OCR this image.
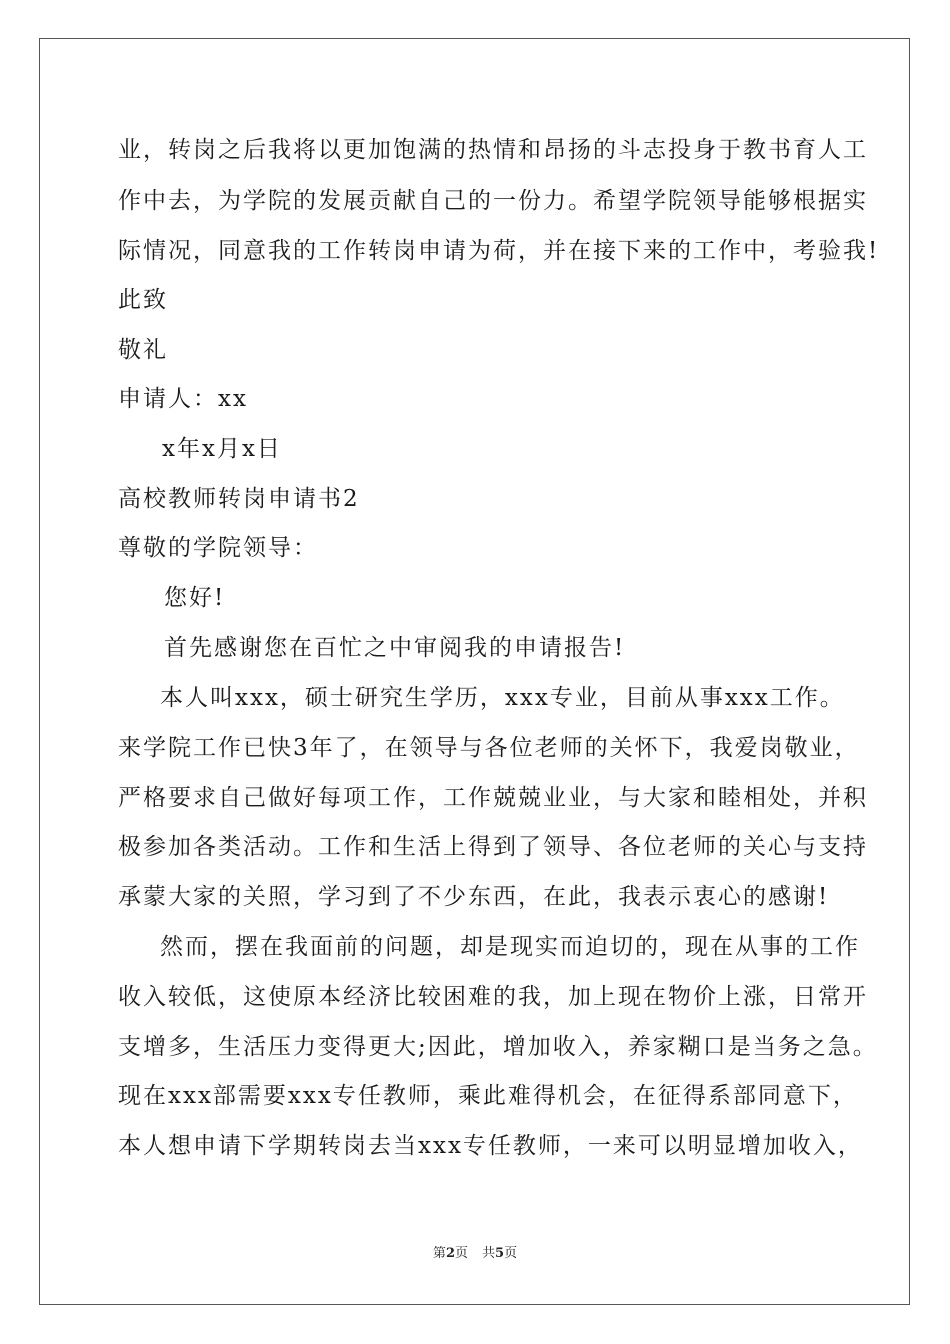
业，转岗之后我将以更加饱满的热情和昂扬的斗志投身于教书育人工
作中去，为学院的发展贡献自己的一份力。希望学院领导能够根据实
际情况，同意我的工作转岗申请为荷，并在接下来的工作中，考验我!
此致
敬礼
申请人：xx
x年x月x日
高校教师转岗申请书2
尊敬的学院领导：
您好!
首先感谢您在百忙之中审阅我的申请报告!
本人叫xxx，硕士研究生学历，xxx专业，目前从事xxx工作。
来学院工作已快3年了，在领导与各位老师的关怀下，我爱岗敬业，
严格要求自己做好每项工作，工作兢兢业业，与大家和睦相处，并积
极参加各类活动。工作和生活上得到了领导、各位老师的关心与支持
承蒙大家的关照，学习到了不少东西，在此，我表示衷心的感谢!
然而，摆在我面前的问题，却是现实而迫切的，现在从事的工作
收入较低，这使原本经济比较困难的我，加上现在物价上涨，日常开
支增多，生活压力变得更大;因此，增加收入，养家糊口是当务之急。
现在xxx部需要xxx专任教师，乘此难得机会，在征得系部同意下，
本人想申请下学期转岗去当xxx专任教师，一来可以明显增加收入，
第2页 共5页
